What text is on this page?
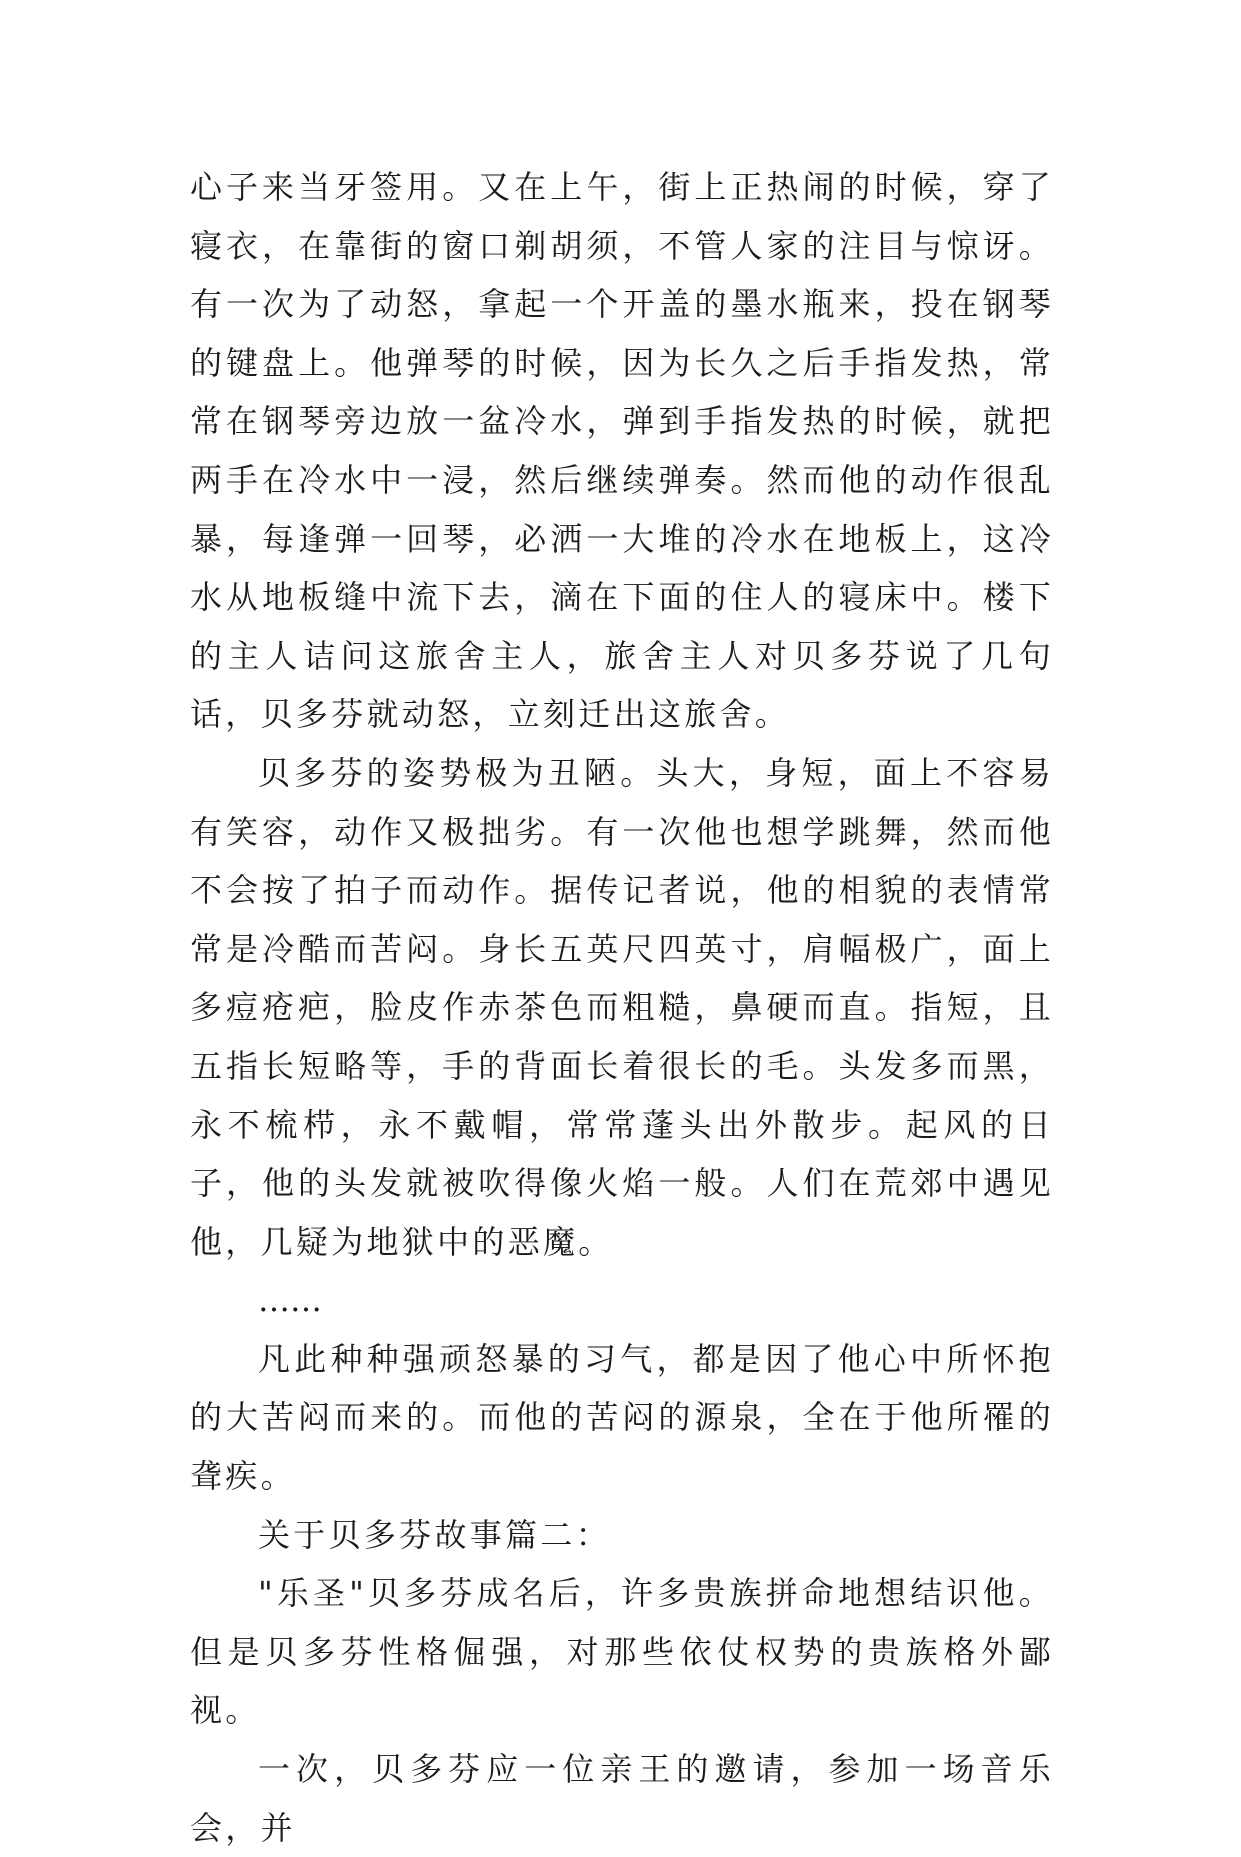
心子来当牙签用。又在上午，街上正热闹的时候，穿了寝衣，在靠街的窗口剃胡须，不管人家的注目与惊讶。有一次为了动怒，拿起一个开盖的墨水瓶来，投在钢琴的键盘上。他弹琴的时候，因为长久之后手指发热，常常在钢琴旁边放一盆冷水，弹到手指发热的时候，就把两手在冷水中一浸，然后继续弹奏。然而他的动作很乱暴，每逢弹一回琴，必洒一大堆的冷水在地板上，这冷水从地板缝中流下去，滴在下面的住人的寝床中。楼下的主人诘问这旅舍主人，旅舍主人对贝多芬说了几句话，贝多芬就动怒，立刻迁出这旅舍。

贝多芬的姿势极为丑陋。头大，身短，面上不容易有笑容，动作又极拙劣。有一次他也想学跳舞，然而他不会按了拍子而动作。据传记者说，他的相貌的表情常常是冷酷而苦闷。身长五英尺四英寸，肩幅极广，面上多痘疮疤，脸皮作赤茶色而粗糙，鼻硬而直。指短，且五指长短略等，手的背面长着很长的毛。头发多而黑，永不梳栉，永不戴帽，常常蓬头出外散步。起风的日子，他的头发就被吹得像火焰一般。人们在荒郊中遇见他，几疑为地狱中的恶魔。

……

凡此种种强顽怒暴的习气，都是因了他心中所怀抱的大苦闷而来的。而他的苦闷的源泉，全在于他所罹的聋疾。

关于贝多芬故事篇二：

"乐圣"贝多芬成名后，许多贵族拼命地想结识他。但是贝多芬性格倔强，对那些依仗权势的贵族格外鄙视。

一次，贝多芬应一位亲王的邀请，参加一场音乐会，并
